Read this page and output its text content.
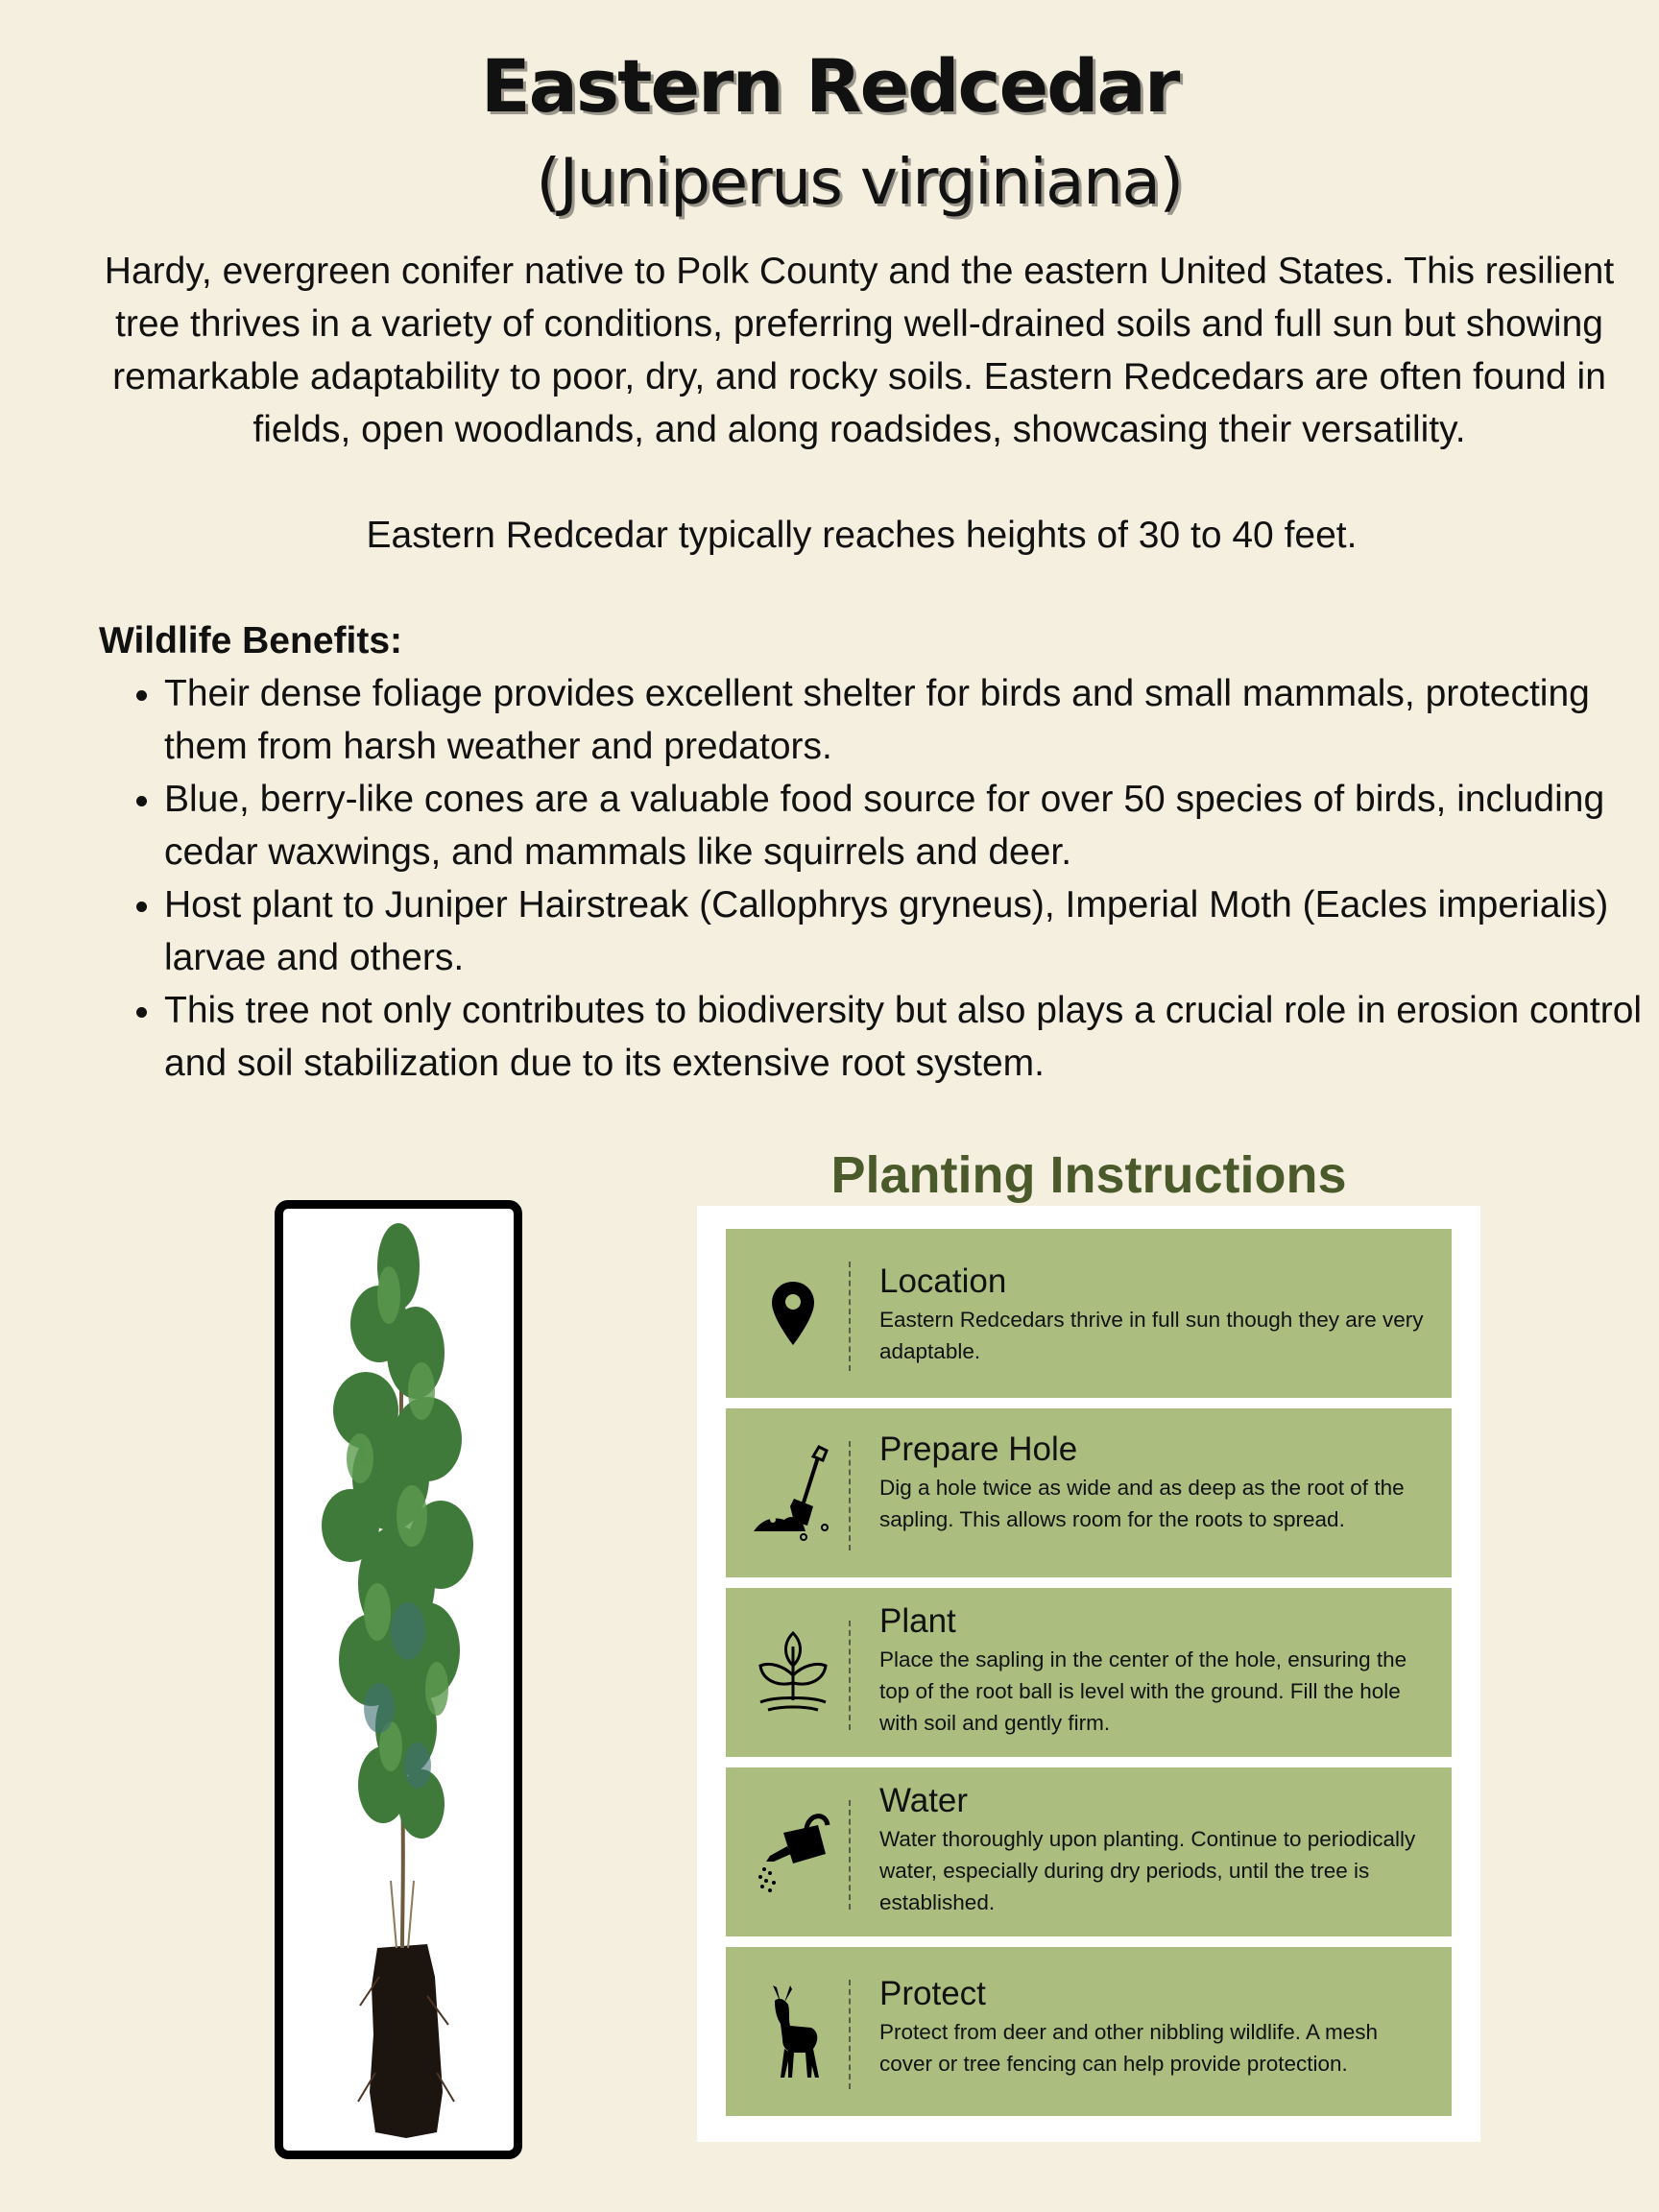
Eastern Redcedar
(Juniperus virginiana)
Hardy, evergreen conifer native to Polk County and the eastern United States. This resilient tree thrives in a variety of conditions, preferring well-drained soils and full sun but showing remarkable adaptability to poor, dry, and rocky soils. Eastern Redcedars are often found in fields, open woodlands, and along roadsides, showcasing their versatility.
Eastern Redcedar typically reaches heights of 30 to 40 feet.
Wildlife Benefits:
• Their dense foliage provides excellent shelter for birds and small mammals, protecting them from harsh weather and predators.
• Blue, berry-like cones are a valuable food source for over 50 species of birds, including cedar waxwings, and mammals like squirrels and deer.
• Host plant to Juniper Hairstreak (Callophrys gryneus), Imperial Moth (Eacles imperialis) larvae and others.
• This tree not only contributes to biodiversity but also plays a crucial role in erosion control and soil stabilization due to its extensive root system.
Planting Instructions
Location
Eastern Redcedars thrive in full sun though they are very adaptable.
Prepare Hole
Dig a hole twice as wide and as deep as the root of the sapling. This allows room for the roots to spread.
Plant
Place the sapling in the center of the hole, ensuring the top of the root ball is level with the ground. Fill the hole with soil and gently firm.
Water
Water thoroughly upon planting. Continue to periodically water, especially during dry periods, until the tree is established.
Protect
Protect from deer and other nibbling wildlife. A mesh cover or tree fencing can help provide protection.
